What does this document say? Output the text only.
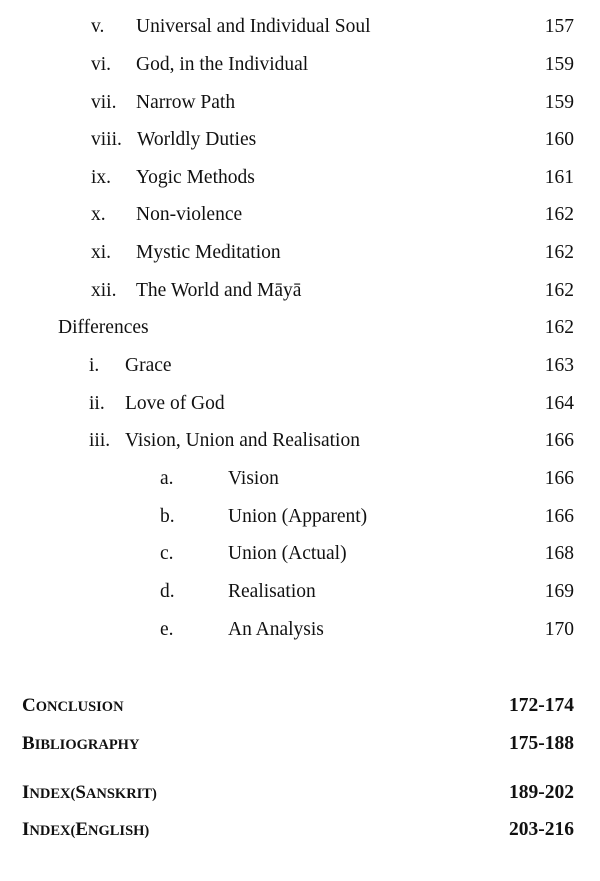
v. Universal and Individual Soul	157
vi. God, in the Individual	159
vii. Narrow Path	159
viii. Worldly Duties	160
ix. Yogic Methods	161
x. Non-violence	162
xi. Mystic Meditation	162
xii. The World and Māyā	162
Differences	162
i. Grace	163
ii. Love of God	164
iii. Vision, Union and Realisation	166
a.	Vision	166
b.	Union (Apparent)	166
c.	Union (Actual)	168
d.	Realisation	169
e.	An Analysis	170
CONCLUSION	172-174
BIBLIOGRAPHY	175-188
INDEX(SANSKRIT)	189-202
INDEX(ENGLISH)	203-216
